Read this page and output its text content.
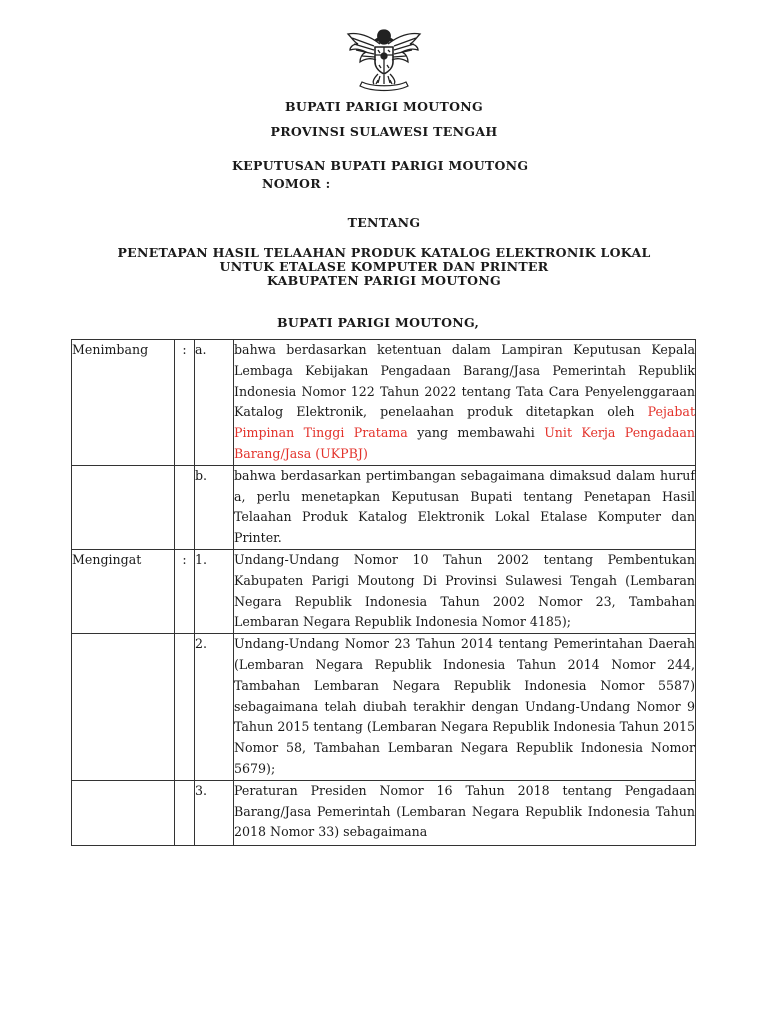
BUPATI PARIGI MOUTONG
PROVINSI SULAWESI TENGAH
KEPUTUSAN BUPATI PARIGI MOUTONG
NOMOR :
TENTANG
PENETAPAN HASIL TELAAHAN PRODUK KATALOG ELEKTRONIK LOKAL
UNTUK ETALASE KOMPUTER DAN PRINTER
KABUPATEN PARIGI MOUTONG
BUPATI PARIGI MOUTONG,
Menimbang	:	a.	bahwa berdasarkan ketentuan dalam Lampiran Keputusan Kepala Lembaga Kebijakan Pengadaan Barang/Jasa Pemerintah Republik Indonesia Nomor 122 Tahun 2022 tentang Tata Cara Penyelenggaraan Katalog Elektronik, penelaahan produk ditetapkan oleh Pejabat Pimpinan Tinggi Pratama yang membawahi Unit Kerja Pengadaan Barang/Jasa (UKPBJ)
		b.	bahwa berdasarkan pertimbangan sebagaimana dimaksud dalam huruf a, perlu menetapkan Keputusan Bupati tentang Penetapan Hasil Telaahan Produk Katalog Elektronik Lokal Etalase Komputer dan Printer.
Mengingat	:	1.	Undang-Undang Nomor 10 Tahun 2002 tentang Pembentukan Kabupaten Parigi Moutong Di Provinsi Sulawesi Tengah (Lembaran Negara Republik Indonesia Tahun 2002 Nomor 23, Tambahan Lembaran Negara Republik Indonesia Nomor 4185);
		2.	Undang-Undang Nomor 23 Tahun 2014 tentang Pemerintahan Daerah (Lembaran Negara Republik Indonesia Tahun 2014 Nomor 244, Tambahan Lembaran Negara Republik Indonesia Nomor 5587) sebagaimana telah diubah terakhir dengan Undang-Undang Nomor 9 Tahun 2015 tentang (Lembaran Negara Republik Indonesia Tahun 2015 Nomor 58, Tambahan Lembaran Negara Republik Indonesia Nomor 5679);
		3.	Peraturan Presiden Nomor 16 Tahun 2018 tentang Pengadaan Barang/Jasa Pemerintah (Lembaran Negara Republik Indonesia Tahun 2018 Nomor 33) sebagaimana
